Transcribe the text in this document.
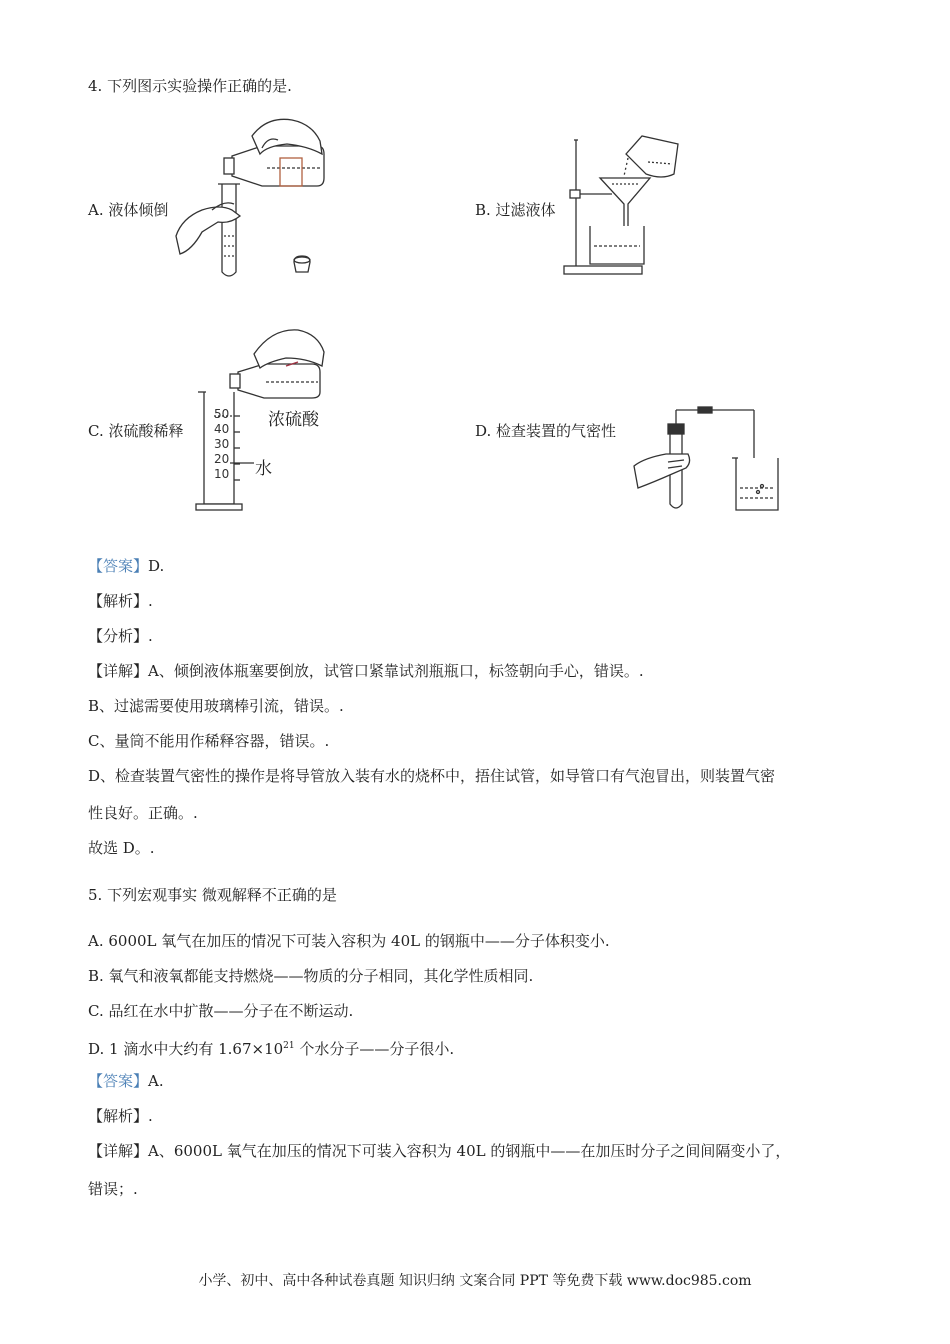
4. 下列图示实验操作正确的是.
A. 液体倾倒	B. 过滤液体
C. 浓硫酸稀释
50
40
30
20
10
浓硫酸
水
D. 检查装置的气密性
【答案】D.
【解析】.
【分析】.
【详解】A、倾倒液体瓶塞要倒放，试管口紧靠试剂瓶瓶口，标签朝向手心，错误。.
B、过滤需要使用玻璃棒引流，错误。.
C、量筒不能用作稀释容器，错误。.
D、检查装置气密性的操作是将导管放入装有水的烧杯中，捂住试管，如导管口有气泡冒出，则装置气密
性良好。正确。.
故选 D。.
5. 下列宏观事实 微观解释不正确的是
A. 6000L 氧气在加压的情况下可装入容积为 40L 的钢瓶中——分子体积变小.
B. 氧气和液氧都能支持燃烧——物质的分子相同，其化学性质相同.
C. 品红在水中扩散——分子在不断运动.
D. 1 滴水中大约有 $1.67\times 10^{21}$ 个水分子——分子很小.
【答案】A.
【解析】.
【详解】A、6000L 氧气在加压的情况下可装入容积为 40L 的钢瓶中——在加压时分子之间间隔变小了，
错误；.
小学、初中、高中各种试卷真题 知识归纳 文案合同 PPT 等免费下载 www.doc985.com
